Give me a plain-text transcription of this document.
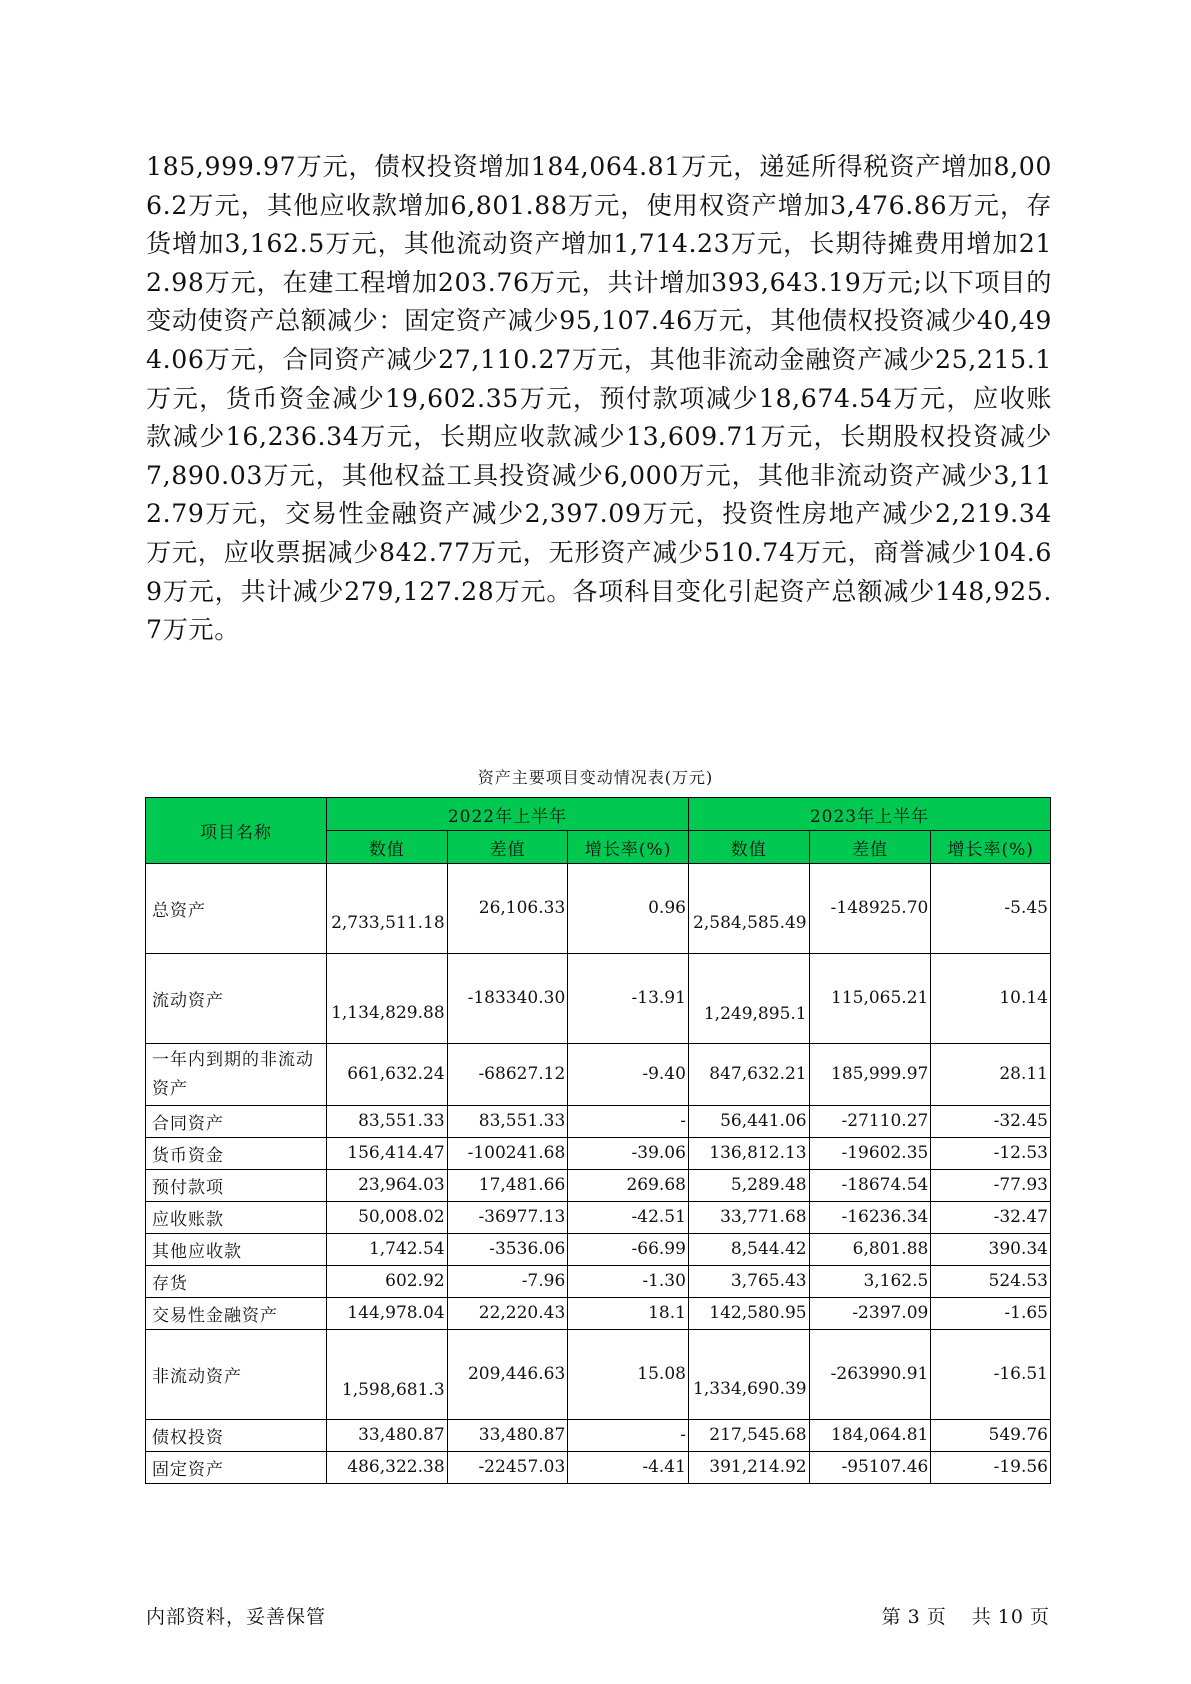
185,999.97万元，债权投资增加184,064.81万元，递延所得税资产增加8,006.2万元，其他应收款增加6,801.88万元，使用权资产增加3,476.86万元，存货增加3,162.5万元，其他流动资产增加1,714.23万元，长期待摊费用增加212.98万元，在建工程增加203.76万元，共计增加393,643.19万元;以下项目的变动使资产总额减少：固定资产减少95,107.46万元，其他债权投资减少40,494.06万元，合同资产减少27,110.27万元，其他非流动金融资产减少25,215.1万元，货币资金减少19,602.35万元，预付款项减少18,674.54万元，应收账款减少16,236.34万元，长期应收款减少13,609.71万元，长期股权投资减少7,890.03万元，其他权益工具投资减少6,000万元，其他非流动资产减少3,112.79万元，交易性金融资产减少2,397.09万元，投资性房地产减少2,219.34万元，应收票据减少842.77万元，无形资产减少510.74万元，商誉减少104.69万元，共计减少279,127.28万元。各项科目变化引起资产总额减少148,925.7万元。
资产主要项目变动情况表(万元)
项目名称	2022年上半年			2023年上半年		
	数值	差值	增长率(%)	数值	差值	增长率(%)
总资产	2,733,511.18	26,106.33	0.96	2,584,585.49	-148925.70	-5.45
流动资产	1,134,829.88	-183340.30	-13.91	1,249,895.1	115,065.21	10.14
一年内到期的非流动资产	661,632.24	-68627.12	-9.40	847,632.21	185,999.97	28.11
合同资产	83,551.33	83,551.33	-	56,441.06	-27110.27	-32.45
货币资金	156,414.47	-100241.68	-39.06	136,812.13	-19602.35	-12.53
预付款项	23,964.03	17,481.66	269.68	5,289.48	-18674.54	-77.93
应收账款	50,008.02	-36977.13	-42.51	33,771.68	-16236.34	-32.47
其他应收款	1,742.54	-3536.06	-66.99	8,544.42	6,801.88	390.34
存货	602.92	-7.96	-1.30	3,765.43	3,162.5	524.53
交易性金融资产	144,978.04	22,220.43	18.1	142,580.95	-2397.09	-1.65
非流动资产	1,598,681.3	209,446.63	15.08	1,334,690.39	-263990.91	-16.51
债权投资	33,480.87	33,480.87	-	217,545.68	184,064.81	549.76
固定资产	486,322.38	-22457.03	-4.41	391,214.92	-95107.46	-19.56
内部资料，妥善保管	第 3 页 共 10 页
